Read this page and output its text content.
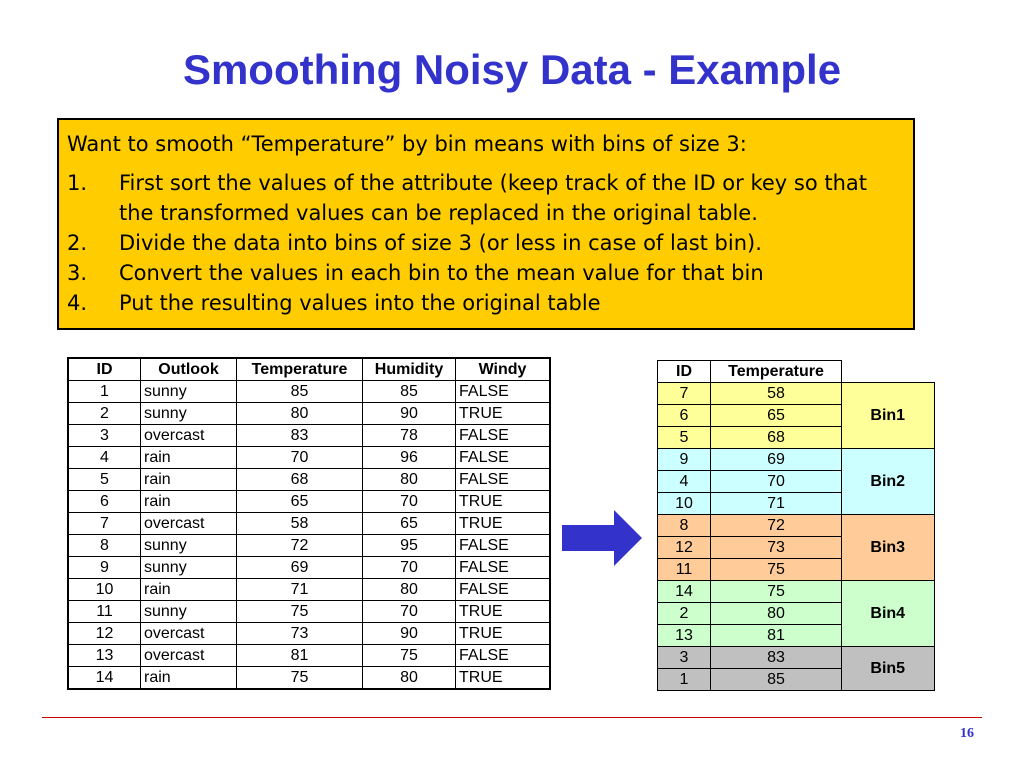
Smoothing Noisy Data - Example

Want to smooth “Temperature” by bin means with bins of size 3:

1. First sort the values of the attribute (keep track of the ID or key so that the transformed values can be replaced in the original table.
2. Divide the data into bins of size 3 (or less in case of last bin).
3. Convert the values in each bin to the mean value for that bin
4. Put the resulting values into the original table
ID	Outlook	Temperature	Humidity	Windy
1	sunny	85	85	FALSE
2	sunny	80	90	TRUE
3	overcast	83	78	FALSE
4	rain	70	96	FALSE
5	rain	68	80	FALSE
6	rain	65	70	TRUE
7	overcast	58	65	TRUE
8	sunny	72	95	FALSE
9	sunny	69	70	FALSE
10	rain	71	80	FALSE
11	sunny	75	70	TRUE
12	overcast	73	90	TRUE
13	overcast	81	75	FALSE
14	rain	75	80	TRUE
ID	Temperature	
7	58	Bin1
6	65	
5	68	
9	69	Bin2
4	70	
10	71	
8	72	Bin3
12	73	
11	75	
14	75	Bin4
2	80	
13	81	
3	83	Bin5
1	85	
16
